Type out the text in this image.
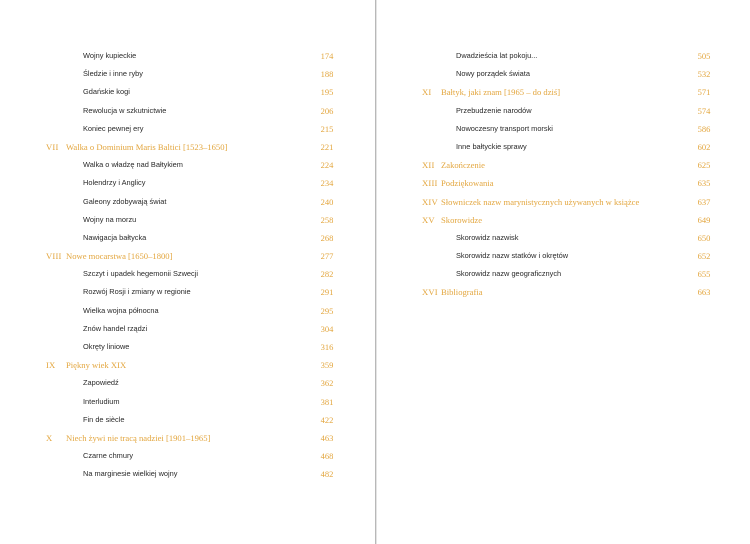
Wojny kupieckie	174
Śledzie i inne ryby	188
Gdańskie kogi	195
Rewolucja w szkutnictwie	206
Koniec pewnej ery	215
VII Walka o Dominium Maris Baltici [1523–1650]	221
Walka o władzę nad Bałtykiem	224
Holendrzy i Anglicy	234
Galeony zdobywają świat	240
Wojny na morzu	258
Nawigacja bałtycka	268
VIII Nowe mocarstwa [1650–1800]	277
Szczyt i upadek hegemonii Szwecji	282
Rozwój Rosji i zmiany w regionie	291
Wielka wojna północna	295
Znów handel rządzi	304
Okręty liniowe	316
IX Piękny wiek XIX	359
Zapowiedź	362
Interludium	381
Fin de siècle	422
X Niech żywi nie tracą nadziei [1901–1965]	463
Czarne chmury	468
Na marginesie wielkiej wojny	482
Dwadzieścia lat pokoju...	505
Nowy porządek świata	532
XI Bałtyk, jaki znam [1965 – do dziś]	571
Przebudzenie narodów	574
Nowoczesny transport morski	586
Inne bałtyckie sprawy	602
XII Zakończenie	625
XIII Podziękowania	635
XIV Słowniczek nazw marynistycznych używanych w książce	637
XV Skorowidze	649
Skorowidz nazwisk	650
Skorowidz nazw statków i okrętów	652
Skorowidz nazw geograficznych	655
XVI Bibliografia	663
